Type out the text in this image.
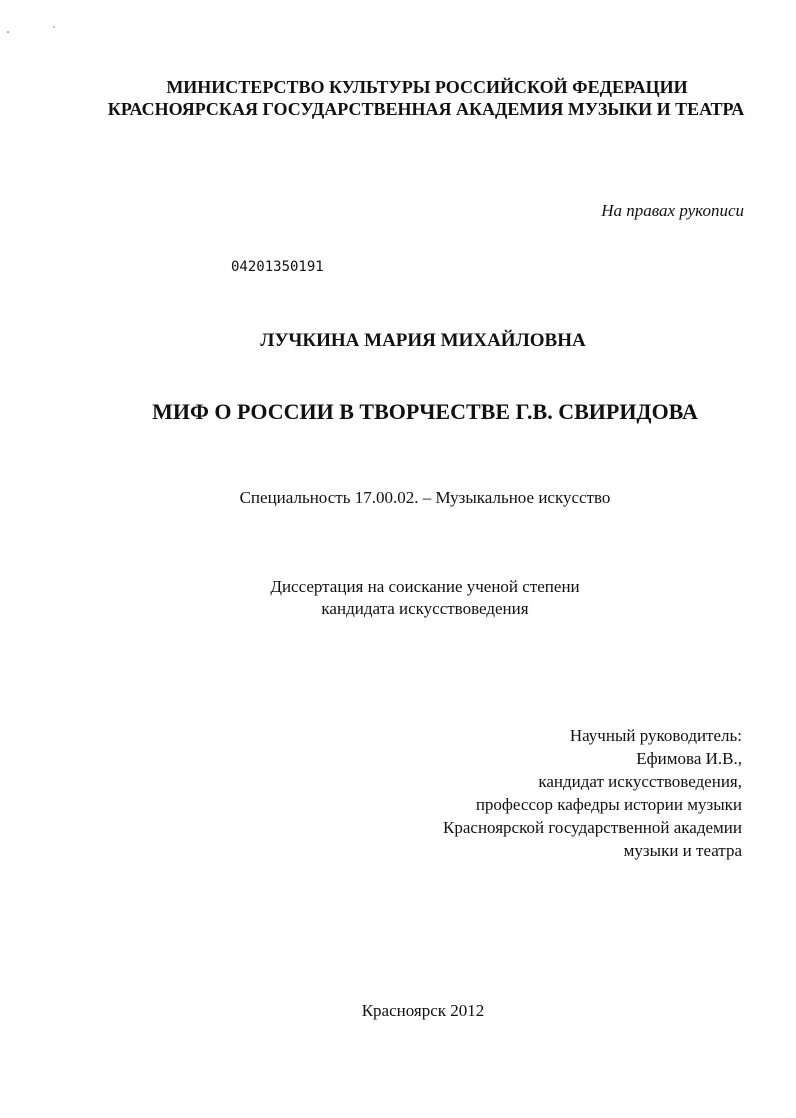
МИНИСТЕРСТВО КУЛЬТУРЫ РОССИЙСКОЙ ФЕДЕРАЦИИ
КРАСНОЯРСКАЯ ГОСУДАРСТВЕННАЯ АКАДЕМИЯ МУЗЫКИ И ТЕАТРА
На правах рукописи
04201350191
ЛУЧКИНА МАРИЯ МИХАЙЛОВНА
МИФ О РОССИИ В ТВОРЧЕСТВЕ Г.В. СВИРИДОВА
Специальность 17.00.02. – Музыкальное искусство
Диссертация на соискание ученой степени
кандидата искусствоведения
Научный руководитель:
Ефимова И.В.,
кандидат искусствоведения,
профессор кафедры истории музыки
Красноярской государственной академии
музыки и театра
Красноярск 2012
